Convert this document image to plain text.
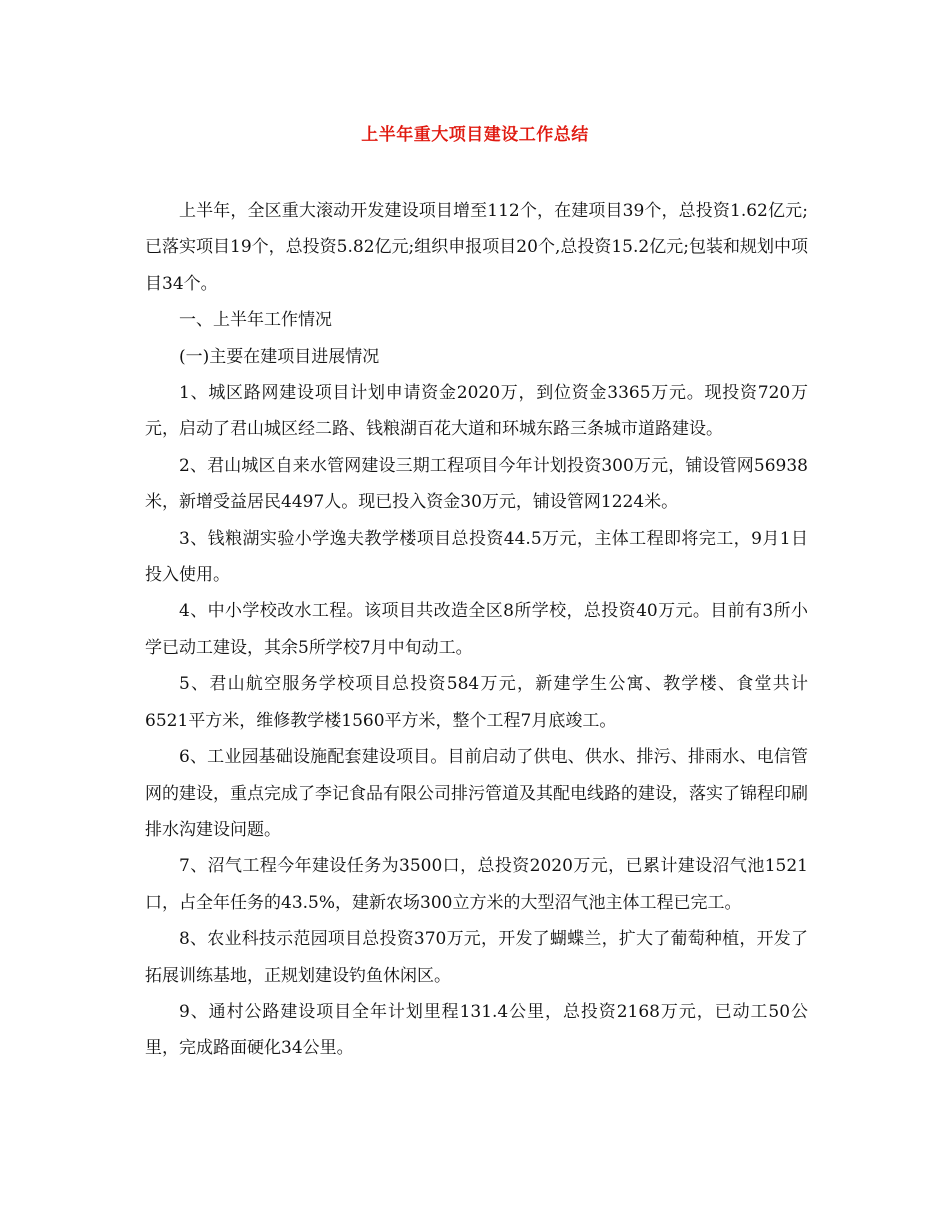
上半年重大项目建设工作总结

上半年，全区重大滚动开发建设项目增至112个，在建项目39个，总投资1.62亿元;已落实项目19个，总投资5.82亿元;组织申报项目20个,总投资15.2亿元;包装和规划中项目34个。

一、上半年工作情况

(一)主要在建项目进展情况

1、城区路网建设项目计划申请资金2020万，到位资金3365万元。现投资720万元，启动了君山城区经二路、钱粮湖百花大道和环城东路三条城市道路建设。

2、君山城区自来水管网建设三期工程项目今年计划投资300万元，铺设管网56938米，新增受益居民4497人。现已投入资金30万元，铺设管网1224米。

3、钱粮湖实验小学逸夫教学楼项目总投资44.5万元，主体工程即将完工，9月1日投入使用。

4、中小学校改水工程。该项目共改造全区8所学校，总投资40万元。目前有3所小学已动工建设，其余5所学校7月中旬动工。

5、君山航空服务学校项目总投资584万元，新建学生公寓、教学楼、食堂共计6521平方米，维修教学楼1560平方米，整个工程7月底竣工。

6、工业园基础设施配套建设项目。目前启动了供电、供水、排污、排雨水、电信管网的建设，重点完成了李记食品有限公司排污管道及其配电线路的建设，落实了锦程印刷排水沟建设问题。

7、沼气工程今年建设任务为3500口，总投资2020万元，已累计建设沼气池1521口，占全年任务的43.5%，建新农场300立方米的大型沼气池主体工程已完工。

8、农业科技示范园项目总投资370万元，开发了蝴蝶兰，扩大了葡萄种植，开发了拓展训练基地，正规划建设钓鱼休闲区。

9、通村公路建设项目全年计划里程131.4公里，总投资2168万元，已动工50公里，完成路面硬化34公里。
